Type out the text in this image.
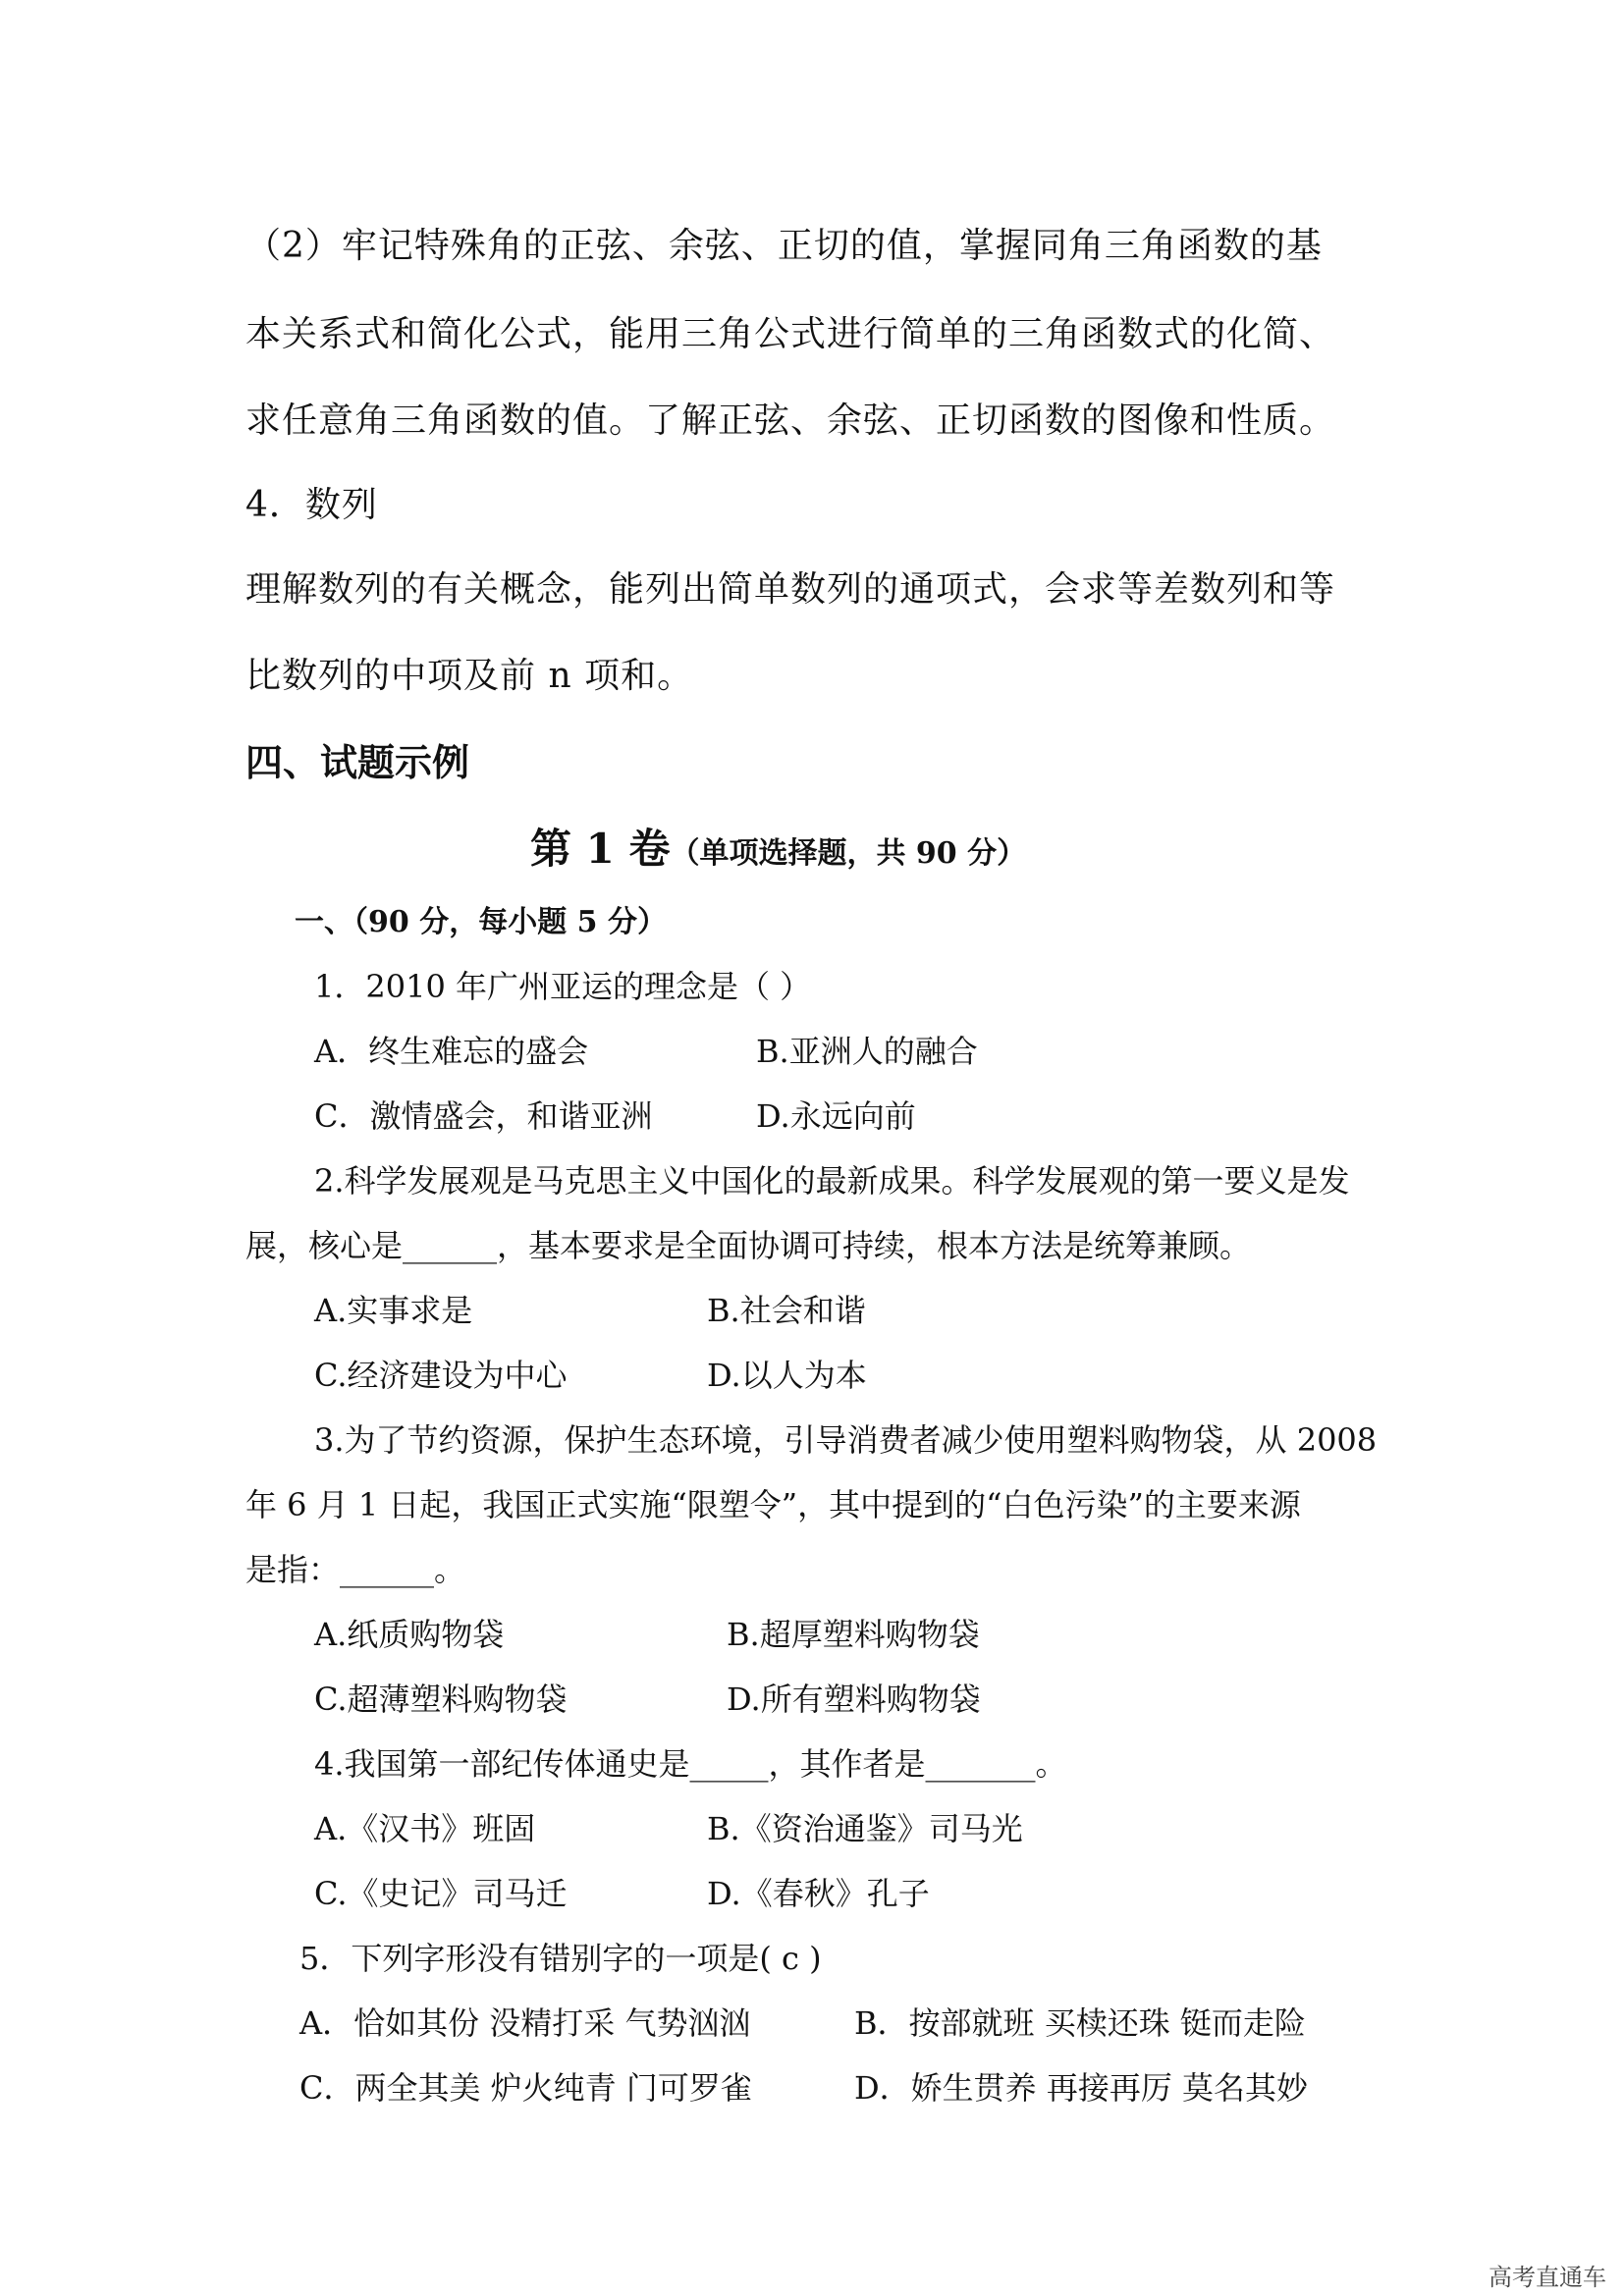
（2）牢记特殊角的正弦、余弦、正切的值，掌握同角三角函数的基
本关系式和简化公式，能用三角公式进行简单的三角函数式的化简、
求任意角三角函数的值。了解正弦、余弦、正切函数的图像和性质。
4．数列
理解数列的有关概念，能列出简单数列的通项式，会求等差数列和等
比数列的中项及前 n 项和。
四、试题示例
第 1 卷（单项选择题，共 90 分）
一、（90 分，每小题 5 分）
1．2010 年广州亚运的理念是（ ）
A．终生难忘的盛会	B.亚洲人的融合
C．激情盛会，和谐亚洲	D.永远向前
2.科学发展观是马克思主义中国化的最新成果。科学发展观的第一要义是发
展，核心是______，基本要求是全面协调可持续，根本方法是统筹兼顾。
A.实事求是	B.社会和谐
C.经济建设为中心	D.以人为本
3.为了节约资源，保护生态环境，引导消费者减少使用塑料购物袋，从 2008
年 6 月 1 日起，我国正式实施“限塑令”，其中提到的“白色污染”的主要来源
是指：______。
A.纸质购物袋	B.超厚塑料购物袋
C.超薄塑料购物袋	D.所有塑料购物袋
4.我国第一部纪传体通史是_____，其作者是_______。
A.《汉书》班固	B.《资治通鉴》司马光
C.《史记》司马迁	D.《春秋》孔子
5．下列字形没有错别字的一项是( c )
A．恰如其份 没精打采 气势汹汹	B．按部就班 买椟还珠 铤而走险
C．两全其美 炉火纯青 门可罗雀	D．娇生贯养 再接再厉 莫名其妙
高考直通车
